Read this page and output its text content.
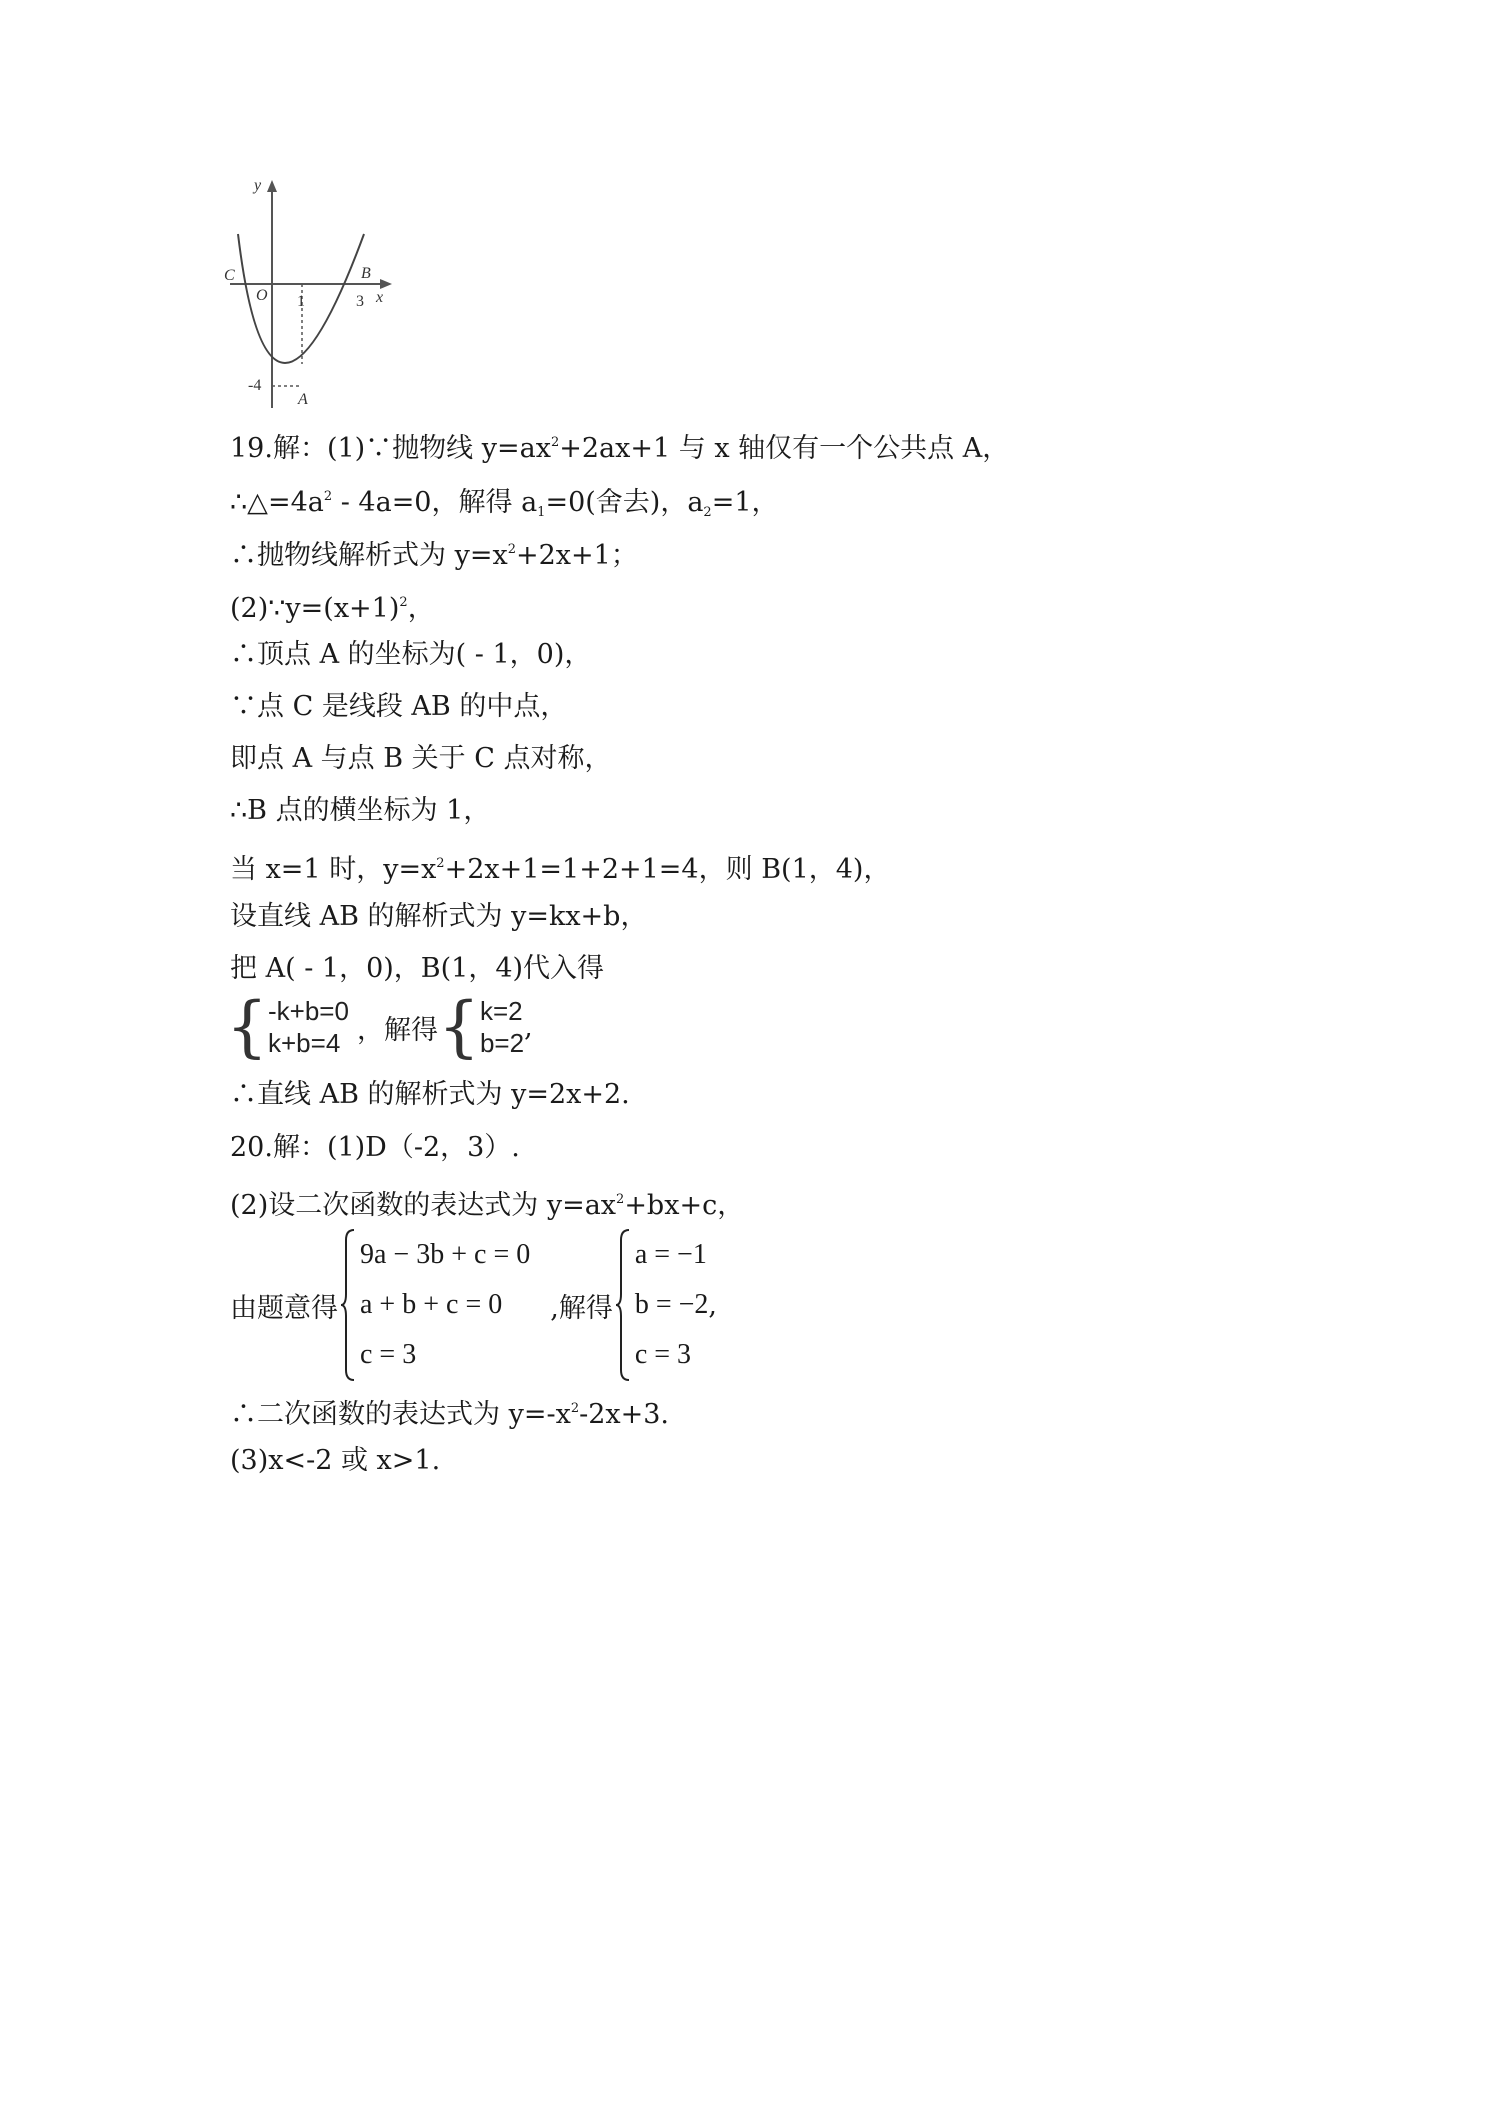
y
x
C
O
B
A
1	3
-4
19.解：(1)∵抛物线 $y=ax^2+2ax+1$ 与 x 轴仅有一个公共点 A，
$\therefore\triangle=4a^2 - 4a=0$，解得 $a_1=0$(舍去)，$a_2=1$，
∴抛物线解析式为 $y=x^2+2x+1$；
$(2)\because y=(x+1)^2$，
∴顶点 A 的坐标为( - 1，0)，
∵点 C 是线段 AB 的中点，
即点 A 与点 B 关于 C 点对称，
∴B 点的横坐标为 1，
当 x=1 时，$y=x^2+2x+1=1+2+1=4$，则 B(1，4)，
设直线 AB 的解析式为 y=kx+b，
把 A( - 1，0)，B(1，4)代入得
{ -k+b=0
k+b=4 ，解得 { k=2
b=2
,
∴直线 AB 的解析式为 y=2x+2.
20.解：(1)D（-2，3）.
(2)设二次函数的表达式为 $y=ax^2+bx+c$，
由题意得
9a − 3b + c = 0
a + b + c = 0
c = 3
,解得
a = −1
b = −2
c = 3
,
∴二次函数的表达式为 $y=-x^2-2x+3$.
(3)x<-2 或 x>1.
